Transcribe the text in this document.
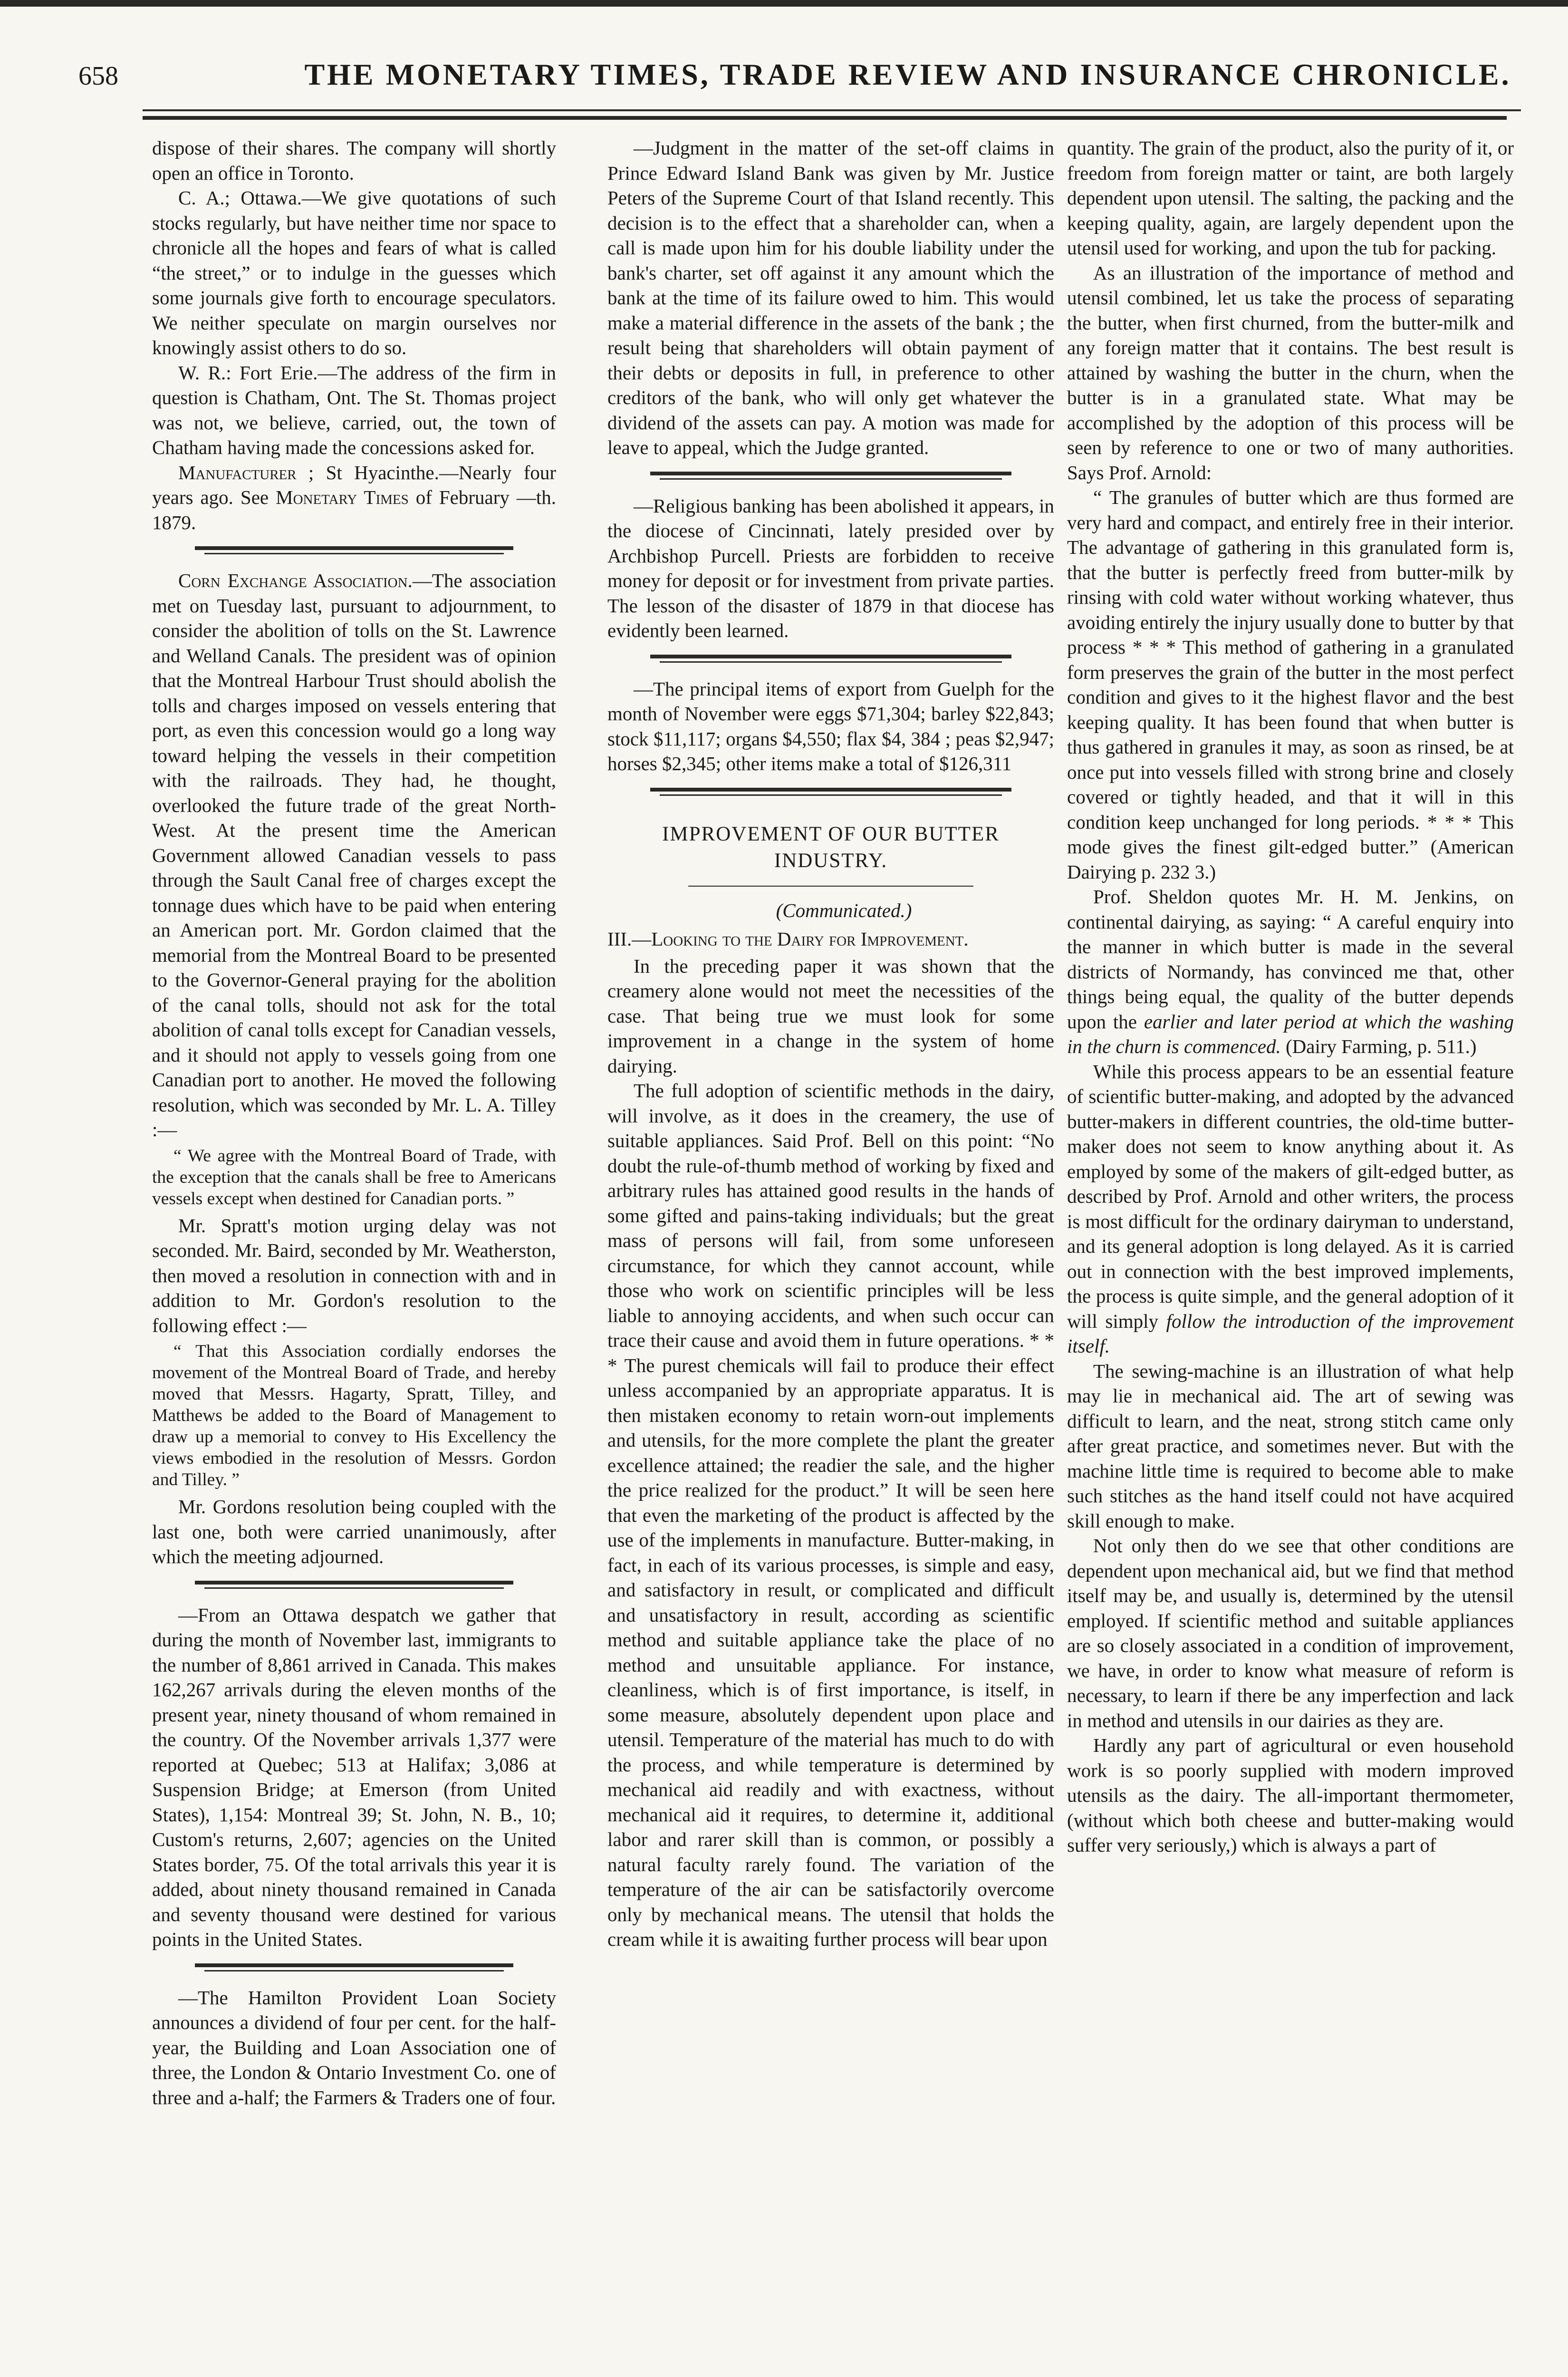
658	THE MONETARY TIMES, TRADE REVIEW AND INSURANCE CHRONICLE.

dispose of their shares. The company will shortly open an office in Toronto.

C. A.; Ottawa.—We give quotations of such stocks regularly, but have neither time nor space to chronicle all the hopes and fears of what is called “the street,” or to indulge in the guesses which some journals give forth to encourage speculators. We neither speculate on margin ourselves nor knowingly assist others to do so.

W. R.: Fort Erie.—The address of the firm in question is Chatham, Ont. The St. Thomas project was not, we believe, carried, out, the town of Chatham having made the concessions asked for.

Manufacturer ; St Hyacinthe.—Nearly four years ago. See Monetary Times of February —th. 1879.

Corn Exchange Association.—The association met on Tuesday last, pursuant to adjournment, to consider the abolition of tolls on the St. Lawrence and Welland Canals. The president was of opinion that the Montreal Harbour Trust should abolish the tolls and charges imposed on vessels entering that port, as even this concession would go a long way toward helping the vessels in their competition with the railroads. They had, he thought, overlooked the future trade of the great North-West. At the present time the American Government allowed Canadian vessels to pass through the Sault Canal free of charges except the tonnage dues which have to be paid when entering an American port. Mr. Gordon claimed that the memorial from the Montreal Board to be presented to the Governor-General praying for the abolition of the canal tolls, should not ask for the total abolition of canal tolls except for Canadian vessels, and it should not apply to vessels going from one Canadian port to another. He moved the following resolution, which was seconded by Mr. L. A. Tilley :—

“ We agree with the Montreal Board of Trade, with the exception that the canals shall be free to Americans vessels except when destined for Canadian ports. ”

Mr. Spratt's motion urging delay was not seconded. Mr. Baird, seconded by Mr. Weatherston, then moved a resolution in connection with and in addition to Mr. Gordon's resolution to the following effect :—

“ That this Association cordially endorses the movement of the Montreal Board of Trade, and hereby moved that Messrs. Hagarty, Spratt, Tilley, and Matthews be added to the Board of Management to draw up a memorial to convey to His Excellency the views embodied in the resolution of Messrs. Gordon and Tilley. ”

Mr. Gordons resolution being coupled with the last one, both were carried unanimously, after which the meeting adjourned.

—From an Ottawa despatch we gather that during the month of November last, immigrants to the number of 8,861 arrived in Canada. This makes 162,267 arrivals during the eleven months of the present year, ninety thousand of whom remained in the country. Of the November arrivals 1,377 were reported at Quebec; 513 at Halifax; 3,086 at Suspension Bridge; at Emerson (from United States), 1,154: Montreal 39; St. John, N. B., 10; Custom's returns, 2,607; agencies on the United States border, 75. Of the total arrivals this year it is added, about ninety thousand remained in Canada and seventy thousand were destined for various points in the United States.

—The Hamilton Provident Loan Society announces a dividend of four per cent. for the half-year, the Building and Loan Association one of three, the London & Ontario Investment Co. one of three and a-half; the Farmers & Traders one of four.

—Judgment in the matter of the set-off claims in Prince Edward Island Bank was given by Mr. Justice Peters of the Supreme Court of that Island recently. This decision is to the effect that a shareholder can, when a call is made upon him for his double liability under the bank's charter, set off against it any amount which the bank at the time of its failure owed to him. This would make a material difference in the assets of the bank ; the result being that shareholders will obtain payment of their debts or deposits in full, in preference to other creditors of the bank, who will only get whatever the dividend of the assets can pay. A motion was made for leave to appeal, which the Judge granted.

—Religious banking has been abolished it appears, in the diocese of Cincinnati, lately presided over by Archbishop Purcell. Priests are forbidden to receive money for deposit or for investment from private parties. The lesson of the disaster of 1879 in that diocese has evidently been learned.

—The principal items of export from Guelph for the month of November were eggs $71,304; barley $22,843; stock $11,117; organs $4,550; flax $4, 384 ; peas $2,947; horses $2,345; other items make a total of $126,311

IMPROVEMENT OF OUR BUTTER INDUSTRY.

(Communicated.)

III.—Looking to the Dairy for Improvement.

In the preceding paper it was shown that the creamery alone would not meet the necessities of the case. That being true we must look for some improvement in a change in the system of home dairying.

The full adoption of scientific methods in the dairy, will involve, as it does in the creamery, the use of suitable appliances. Said Prof. Bell on this point: “No doubt the rule-of-thumb method of working by fixed and arbitrary rules has attained good results in the hands of some gifted and pains-taking individuals; but the great mass of persons will fail, from some unforeseen circumstance, for which they cannot account, while those who work on scientific principles will be less liable to annoying accidents, and when such occur can trace their cause and avoid them in future operations. * * * The purest chemicals will fail to produce their effect unless accompanied by an appropriate apparatus. It is then mistaken economy to retain worn-out implements and utensils, for the more complete the plant the greater excellence attained; the readier the sale, and the higher the price realized for the product.” It will be seen here that even the marketing of the product is affected by the use of the implements in manufacture. Butter-making, in fact, in each of its various processes, is simple and easy, and satisfactory in result, or complicated and difficult and unsatisfactory in result, according as scientific method and suitable appliance take the place of no method and unsuitable appliance. For instance, cleanliness, which is of first importance, is itself, in some measure, absolutely dependent upon place and utensil. Temperature of the material has much to do with the process, and while temperature is determined by mechanical aid readily and with exactness, without mechanical aid it requires, to determine it, additional labor and rarer skill than is common, or possibly a natural faculty rarely found. The variation of the temperature of the air can be satisfactorily overcome only by mechanical means. The utensil that holds the cream while it is awaiting further process will bear upon

quantity. The grain of the product, also the purity of it, or freedom from foreign matter or taint, are both largely dependent upon utensil. The salting, the packing and the keeping quality, again, are largely dependent upon the utensil used for working, and upon the tub for packing.

As an illustration of the importance of method and utensil combined, let us take the process of separating the butter, when first churned, from the butter-milk and any foreign matter that it contains. The best result is attained by washing the butter in the churn, when the butter is in a granulated state. What may be accomplished by the adoption of this process will be seen by reference to one or two of many authorities. Says Prof. Arnold:

“ The granules of butter which are thus formed are very hard and compact, and entirely free in their interior. The advantage of gathering in this granulated form is, that the butter is perfectly freed from butter-milk by rinsing with cold water without working whatever, thus avoiding entirely the injury usually done to butter by that process * * * This method of gathering in a granulated form preserves the grain of the butter in the most perfect condition and gives to it the highest flavor and the best keeping quality. It has been found that when butter is thus gathered in granules it may, as soon as rinsed, be at once put into vessels filled with strong brine and closely covered or tightly headed, and that it will in this condition keep unchanged for long periods. * * * This mode gives the finest gilt-edged butter.” (American Dairying p. 232 3.)

Prof. Sheldon quotes Mr. H. M. Jenkins, on continental dairying, as saying: “ A careful enquiry into the manner in which butter is made in the several districts of Normandy, has convinced me that, other things being equal, the quality of the butter depends upon the earlier and later period at which the washing in the churn is commenced. (Dairy Farming, p. 511.)

While this process appears to be an essential feature of scientific butter-making, and adopted by the advanced butter-makers in different countries, the old-time butter-maker does not seem to know anything about it. As employed by some of the makers of gilt-edged butter, as described by Prof. Arnold and other writers, the process is most difficult for the ordinary dairyman to understand, and its general adoption is long delayed. As it is carried out in connection with the best improved implements, the process is quite simple, and the general adoption of it will simply follow the introduction of the improvement itself.

The sewing-machine is an illustration of what help may lie in mechanical aid. The art of sewing was difficult to learn, and the neat, strong stitch came only after great practice, and sometimes never. But with the machine little time is required to become able to make such stitches as the hand itself could not have acquired skill enough to make.

Not only then do we see that other conditions are dependent upon mechanical aid, but we find that method itself may be, and usually is, determined by the utensil employed. If scientific method and suitable appliances are so closely associated in a condition of improvement, we have, in order to know what measure of reform is necessary, to learn if there be any imperfection and lack in method and utensils in our dairies as they are.

Hardly any part of agricultural or even household work is so poorly supplied with modern improved utensils as the dairy. The all-important thermometer, (without which both cheese and butter-making would suffer very seriously,) which is always a part of
